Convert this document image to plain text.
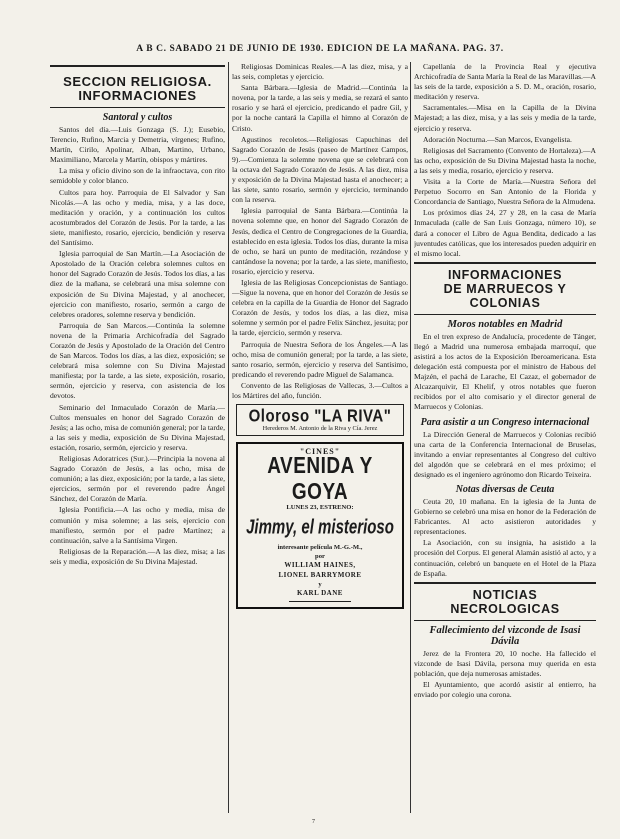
A B C. SABADO 21 DE JUNIO DE 1930. EDICION DE LA MAÑANA. PAG. 37.
SECCION RELIGIOSA.
INFORMACIONES
Santoral y cultos

Santos del día.—Luis Gonzaga (S. J.); Eusebio, Terencio, Rufino, Marcia y Demetria, vírgenes; Rufino, Martín, Cirilo, Apolinar, Alban, Martino, Urbano, Maximiliano, Marcela y Martín, obispos y mártires.

La misa y oficio divino son de la infraoctava, con rito semidoble y color blanco.

Cultos para hoy. Parroquia de El Salvador y San Nicolás.—A las ocho y media, misa, y a las doce, meditación y oración, y a continuación los cultos acostumbrados del Corazón de Jesús. Por la tarde, a las siete, manifiesto, rosario, ejercicio, bendición y reserva del Santísimo.

Iglesia parroquial de San Martín.—La Asociación de Apostolado de la Oración celebra solemnes cultos en honor del Sagrado Corazón de Jesús. Todos los días, a las diez de la mañana, se celebrará una misa solemne con exposición de Su Divina Majestad, y al anochecer, ejercicio con manifiesto, rosario, sermón a cargo de celebres oradores, solemne reserva y bendición.

Parroquia de San Marcos.—Continúa la solemne novena de la Primaria Archicofradía del Sagrado Corazón de Jesús y Apostolado de la Oración del Centro de San Marcos. Todos los días, a las diez, exposición; se celebrará misa solemne con Su Divina Majestad manifiesta; por la tarde, a las siete, exposición, rosario, sermón, ejercicio y reserva, con asistencia de los devotos.

Seminario del Inmaculado Corazón de María.—Cultos mensuales en honor del Sagrado Corazón de Jesús; a las ocho, misa de comunión general; por la tarde, a las seis y media, exposición de Su Divina Majestad, estación, rosario, sermón, ejercicio y reserva.

Religiosas Adoratrices (Sur.).—Principia la novena al Sagrado Corazón de Jesús, a las ocho, misa de comunión; a las diez, exposición; por la tarde, a las siete, ejercicios, sermón por el reverendo padre Ángel Sánchez, del Corazón de María.

Iglesia Pontificia.—A las ocho y media, misa de comunión y misa solemne; a las seis, ejercicio con manifiesto, sermón por el padre Martínez; a continuación, salve a la Santísima Virgen.

Religiosas de la Reparación.—A las diez, misa; a las seis y media, exposición de Su Divina Majestad.

Religiosas Dominicas Reales.—A las diez, misa, y a las seis, completas y ejercicio.

Santa Bárbara.—Iglesia de Madrid.—Continúa la novena, por la tarde, a las seis y media, se rezará el santo rosario y se hará el ejercicio, predicando el padre Gil, y por la noche cantará la Capilla el himno al Corazón de Cristo.

Agustinos recoletos.—Religiosas Capuchinas del Sagrado Corazón de Jesús (paseo de Martínez Campos, 9).—Comienza la solemne novena que se celebrará con la octava del Sagrado Corazón de Jesús. A las diez, misa y exposición de la Divina Majestad hasta el anochecer; a las siete, santo rosario, sermón y ejercicio, terminando con la reserva.

Iglesia parroquial de Santa Bárbara.—Continúa la novena solemne que, en honor del Sagrado Corazón de Jesús, dedica el Centro de Congregaciones de la Guardia, establecido en esta iglesia. Todos los días, durante la misa de ocho, se hará un punto de meditación, rezándose y cantándose la novena; por la tarde, a las siete, manifiesto, rosario, ejercicio y reserva.

Iglesia de las Religiosas Concepcionistas de Santiago.—Sigue la novena, que en honor del Corazón de Jesús se celebra en la capilla de la Guardia de Honor del Sagrado Corazón de Jesús, y todos los días, a las diez, misa solemne y sermón por el padre Felix Sánchez, jesuita; por la tarde, ejercicio, sermón y reserva.

Parroquia de Nuestra Señora de los Ángeles.—A las ocho, misa de comunión general; por la tarde, a las siete, santo rosario, sermón, ejercicio y reserva del Santísimo, predicando el reverendo padre Miguel de Salamanca.

Convento de las Religiosas de Vallecas, 3.—Cultos a los Mártires del año, función.

Oloroso "LA RIVA"
Herederos M. Antonio de la Riva y Cía. Jerez
"CINES"
AVENIDA Y GOYA
LUNES 23, ESTRENO:
Jimmy, el misterioso
interesante película M.-G.-M.,
por
WILLIAM HAINES,
LIONEL BARRYMORE
y
KARL DANE

Capellanía de la Provincia Real y ejecutiva Archicofradía de Santa María la Real de las Maravillas.—A las seis de la tarde, exposición a S. D. M., oración, rosario, meditación y reserva.

Sacramentales.—Misa en la Capilla de la Divina Majestad; a las diez, misa, y a las seis y media de la tarde, ejercicio y reserva.

Adoración Nocturna.—San Marcos, Evangelista.

Religiosas del Sacramento (Convento de Hortaleza).—A las ocho, exposición de Su Divina Majestad hasta la noche, a las seis y media, rosario, ejercicio y reserva.

Visita a la Corte de María.—Nuestra Señora del Perpetuo Socorro en San Antonio de la Florida y Concordancia de Santiago, Nuestra Señora de la Almudena.

Los próximos días 24, 27 y 28, en la casa de María Inmaculada (calle de San Luis Gonzaga, número 10), se dará a conocer el Libro de Agua Bendita, dedicado a las juventudes católicas, que los interesados pueden adquirir en el mismo local.

INFORMACIONES
DE MARRUECOS Y
COLONIAS
Moros notables en Madrid

En el tren expreso de Andalucía, procedente de Tánger, llegó a Madrid una numerosa embajada marroquí, que asistirá a los actos de la Exposición Iberoamericana. Esta delegación está compuesta por el ministro de Habous del Majzén, el pachá de Larache, El Cazaz, el gobernador de Alcazarquivir, El Khelif, y otros notables que fueron recibidos por el alto comisario y el director general de Marruecos y Colonias.

Para asistir a un Congreso internacional

La Dirección General de Marruecos y Colonias recibió una carta de la Conferencia Internacional de Bruselas, invitando a enviar representantes al Congreso del cultivo del algodón que se celebrará en el mes próximo; el designado es el ingeniero agrónomo don Ricardo Teixeira.

Notas diversas de Ceuta

Ceuta 20, 10 mañana. En la iglesia de la Junta de Gobierno se celebró una misa en honor de la Federación de Fabricantes. Al acto asistieron autoridades y representaciones.

La Asociación, con su insignia, ha asistido a la procesión del Corpus. El general Alamán asistió al acto, y a continuación, celebró un banquete en el Hotel de la Plaza de España.

NOTICIAS
NECROLOGICAS
Fallecimiento del vizconde de Isasi Dávila

Jerez de la Frontera 20, 10 noche. Ha fallecido el vizconde de Isasi Dávila, persona muy querida en esta población, que deja numerosas amistades.

El Ayuntamiento, que acordó asistir al entierro, ha enviado por colegio una corona.

7
